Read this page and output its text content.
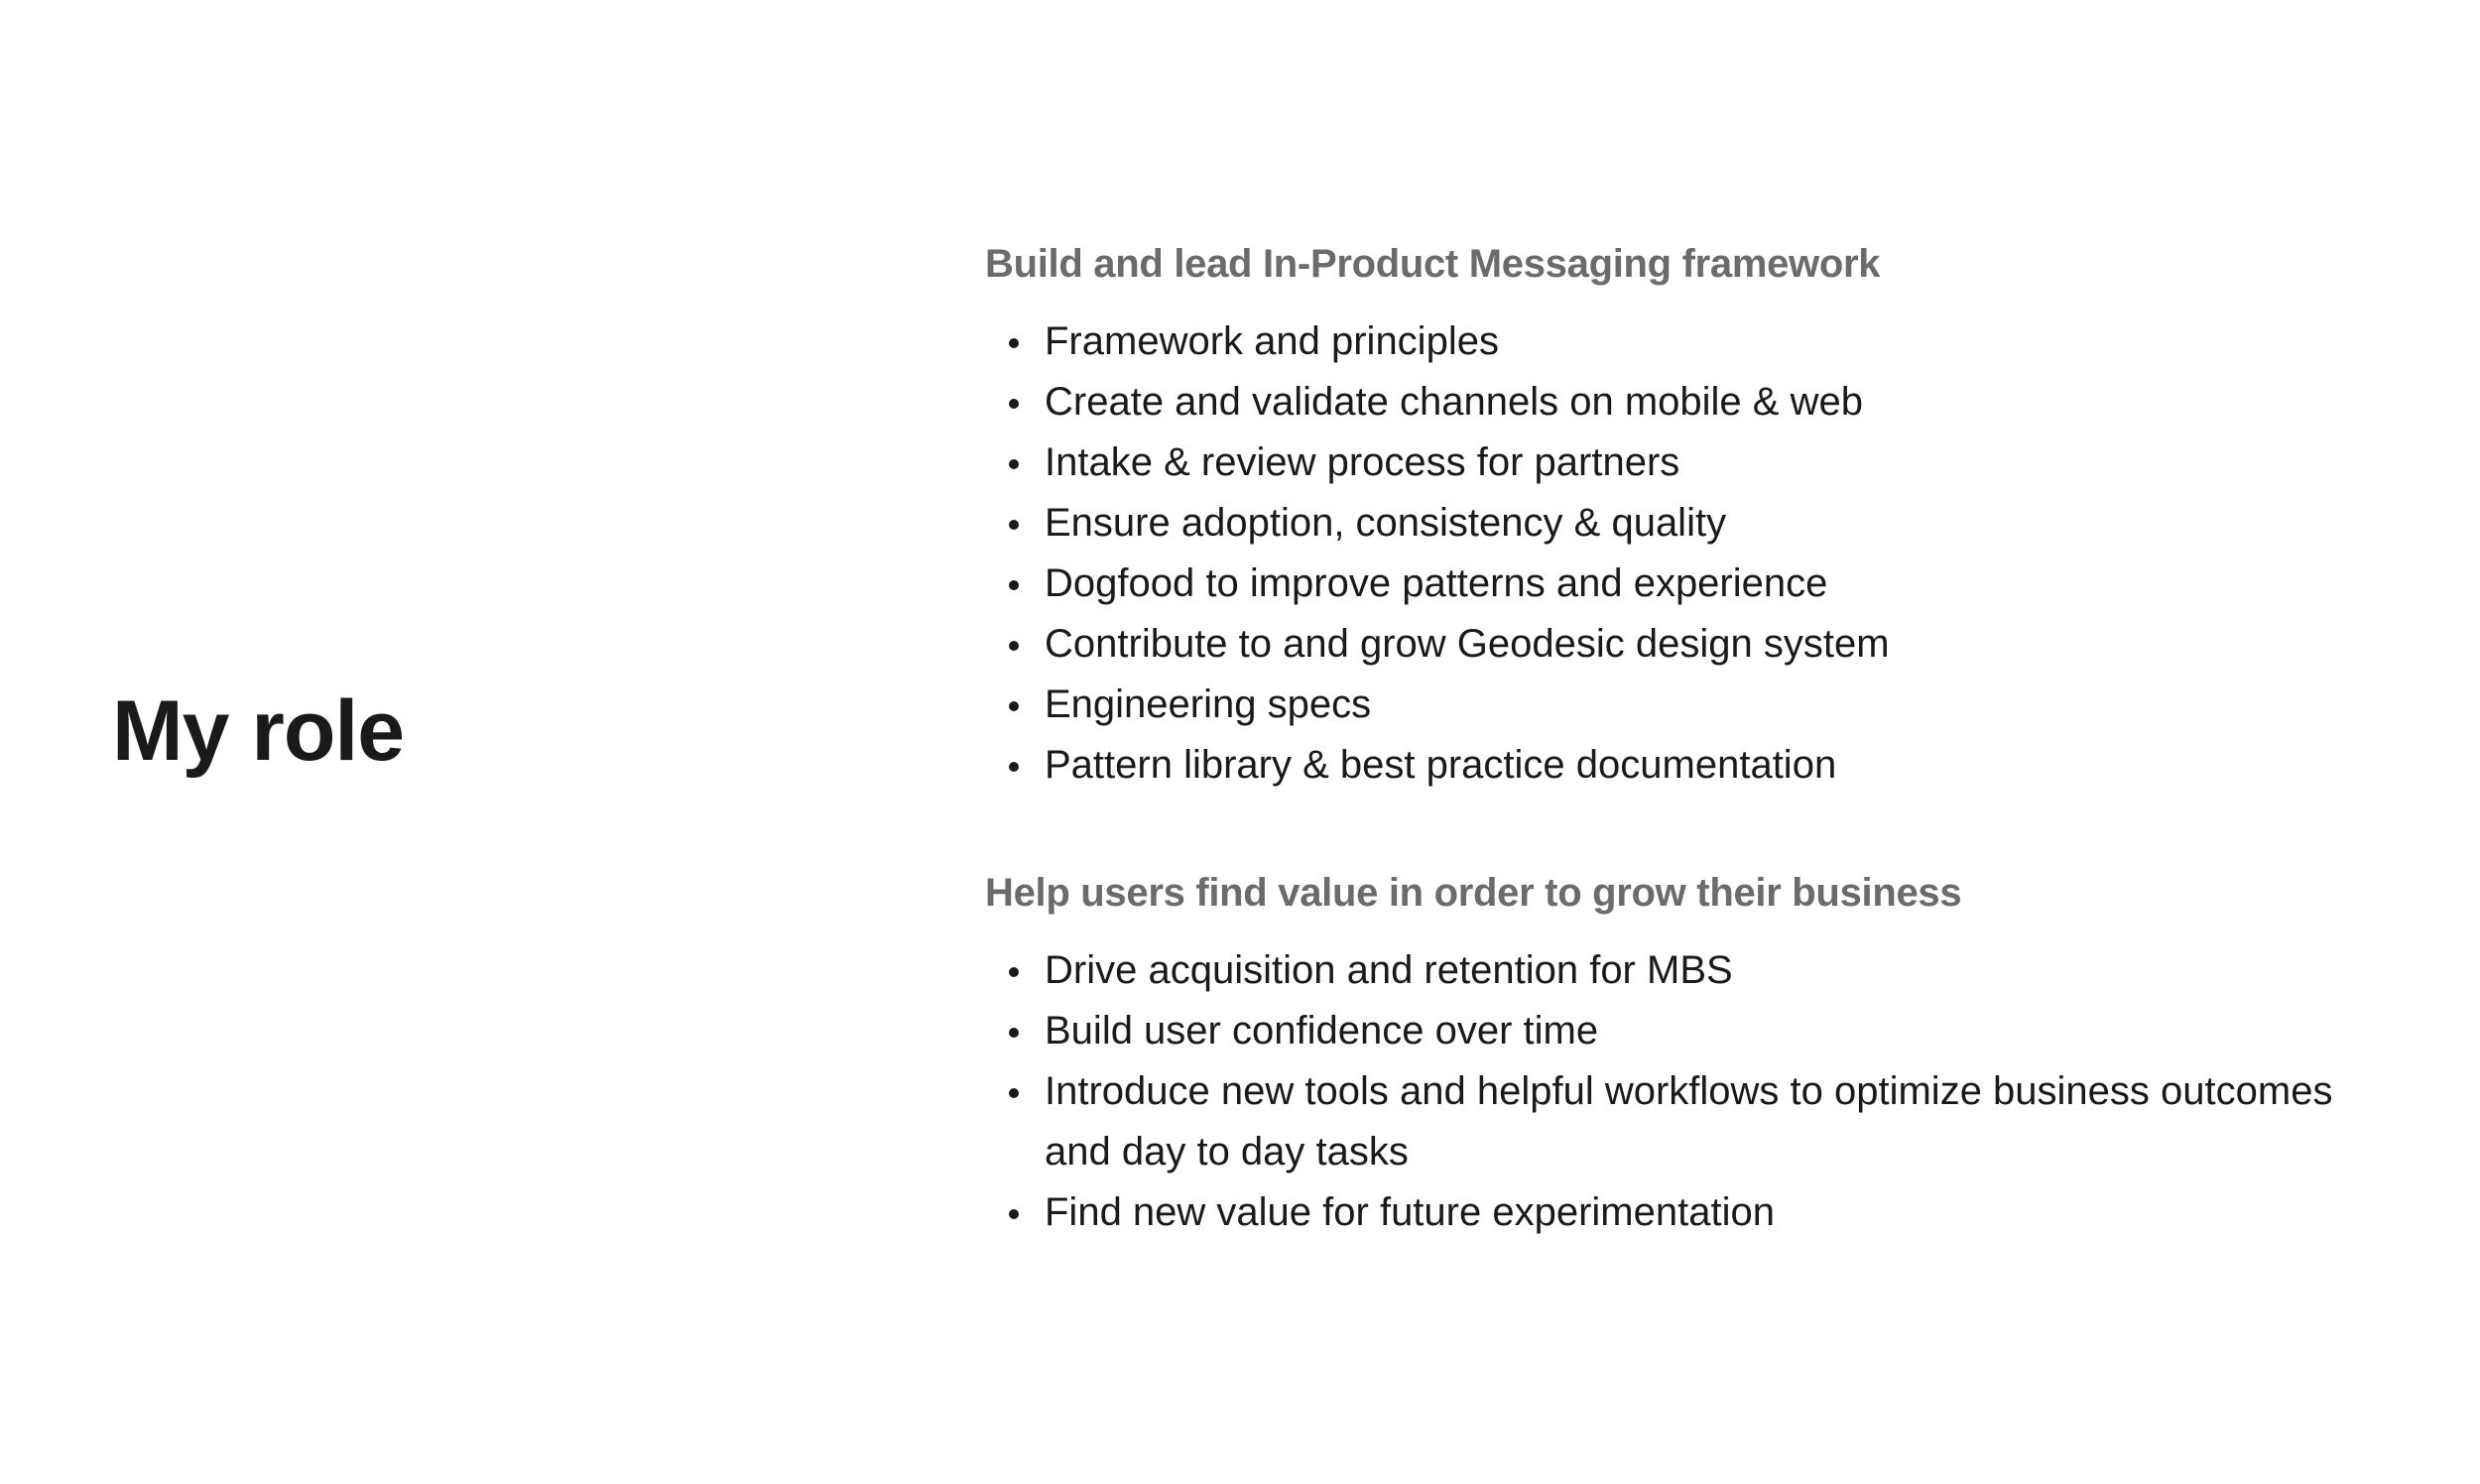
My role
Build and lead In-Product Messaging framework
Framework and principles
Create and validate channels on mobile & web
Intake & review process for partners
Ensure adoption, consistency & quality
Dogfood to improve patterns and experience
Contribute to and grow Geodesic design system
Engineering specs
Pattern library & best practice documentation
Help users find value in order to grow their business
Drive acquisition and retention for MBS
Build user confidence over time
Introduce new tools and helpful workflows to optimize business outcomes and day to day tasks
Find new value for future experimentation
